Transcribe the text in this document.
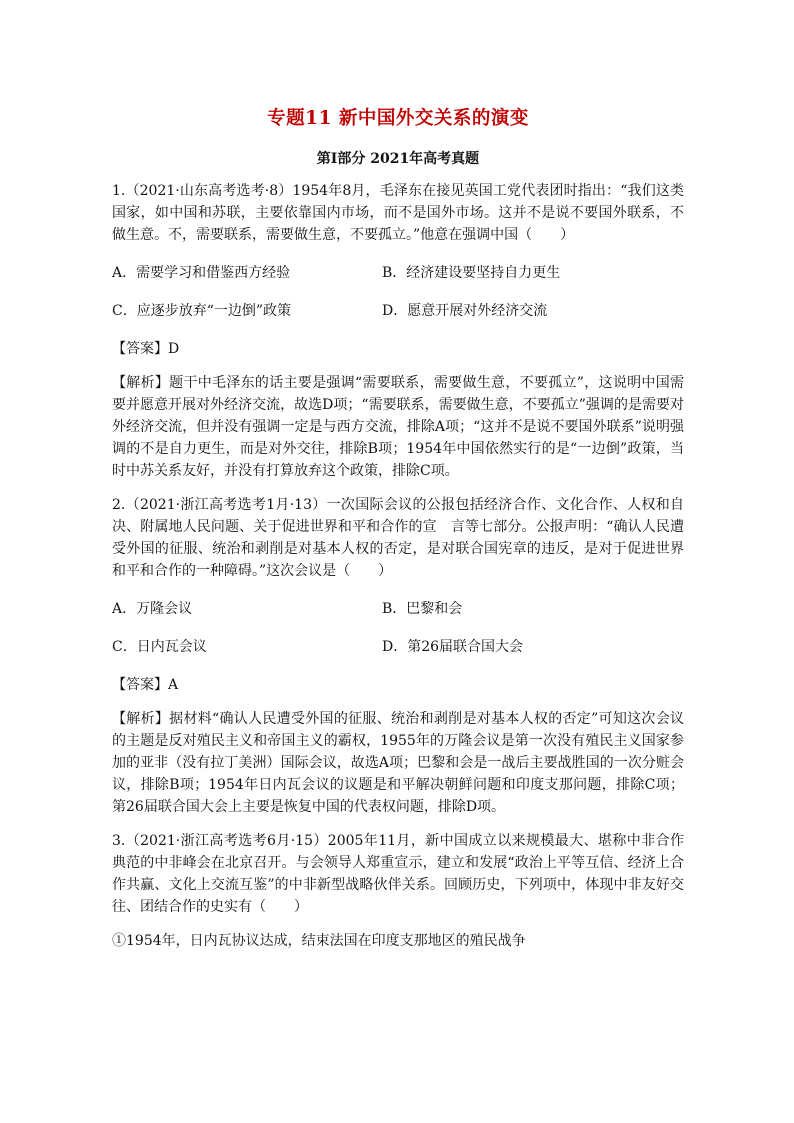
专题11 新中国外交关系的演变
第Ⅰ部分 2021年高考真题

1.（2021·山东高考选考·8）1954年8月，毛泽东在接见英国工党代表团时指出：“我们这类国家，如中国和苏联，主要依靠国内市场，而不是国外市场。这并不是说不要国外联系，不做生意。不，需要联系，需要做生意，不要孤立。”他意在强调中国（　　）

A．需要学习和借鉴西方经验	B．经济建设要坚持自力更生
C．应逐步放弃“一边倒”政策	D．愿意开展对外经济交流

【答案】D

【解析】题干中毛泽东的话主要是强调“需要联系，需要做生意，不要孤立”，这说明中国需要并愿意开展对外经济交流，故选D项；“需要联系，需要做生意，不要孤立”强调的是需要对外经济交流，但并没有强调一定是与西方交流，排除A项；“这并不是说不要国外联系”说明强调的不是自力更生，而是对外交往，排除B项；1954年中国依然实行的是“一边倒”政策，当时中苏关系友好，并没有打算放弃这个政策，排除C项。

2.（2021·浙江高考选考1月·13）一次国际会议的公报包括经济合作、文化合作、人权和自决、附属地人民问题、关于促进世界和平和合作的宣　言等七部分。公报声明：“确认人民遭受外国的征服、统治和剥削是对基本人权的否定，是对联合国宪章的违反，是对于促进世界和平和合作的一种障碍。”这次会议是（　　）

A．万隆会议	B．巴黎和会
C．日内瓦会议	D．第26届联合国大会

【答案】A

【解析】据材料“确认人民遭受外国的征服、统治和剥削是对基本人权的否定”可知这次会议的主题是反对殖民主义和帝国主义的霸权，1955年的万隆会议是第一次没有殖民主义国家参加的亚非（没有拉丁美洲）国际会议，故选A项；巴黎和会是一战后主要战胜国的一次分赃会议，排除B项；1954年日内瓦会议的议题是和平解决朝鲜问题和印度支那问题，排除C项；第26届联合国大会上主要是恢复中国的代表权问题，排除D项。

3.（2021·浙江高考选考6月·15）2005年11月，新中国成立以来规模最大、堪称中非合作典范的中非峰会在北京召开。与会领导人郑重宣示，建立和发展“政治上平等互信、经济上合作共赢、文化上交流互鉴”的中非新型战略伙伴关系。回顾历史，下列项中，体现中非友好交往、团结合作的史实有（　　）

①1954年，日内瓦协议达成，结束法国在印度支那地区的殖民战争
